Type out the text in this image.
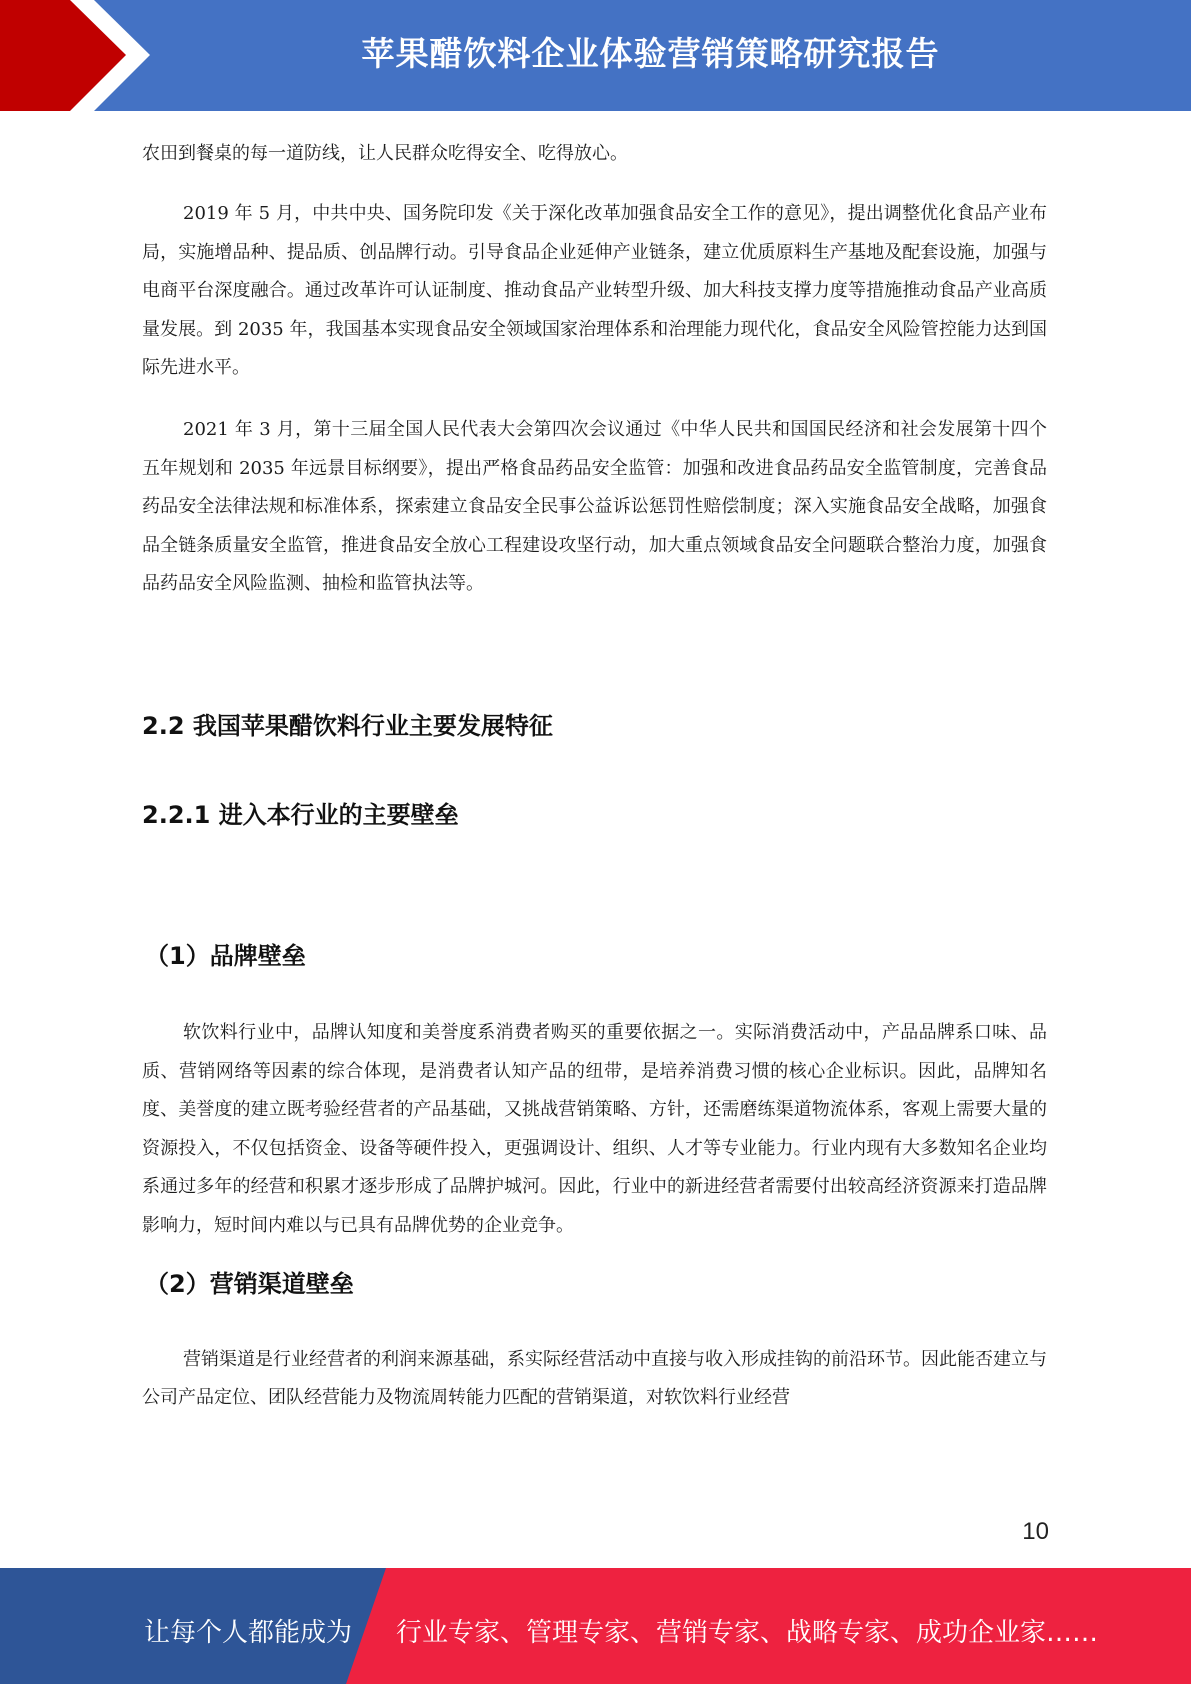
苹果醋饮料企业体验营销策略研究报告

农田到餐桌的每一道防线，让人民群众吃得安全、吃得放心。

2019 年 5 月，中共中央、国务院印发《关于深化改革加强食品安全工作的意见》，提出调整优化食品产业布局，实施增品种、提品质、创品牌行动。引导食品企业延伸产业链条，建立优质原料生产基地及配套设施，加强与电商平台深度融合。通过改革许可认证制度、推动食品产业转型升级、加大科技支撑力度等措施推动食品产业高质量发展。到 2035 年，我国基本实现食品安全领域国家治理体系和治理能力现代化，食品安全风险管控能力达到国际先进水平。

2021 年 3 月，第十三届全国人民代表大会第四次会议通过《中华人民共和国国民经济和社会发展第十四个五年规划和 2035 年远景目标纲要》，提出严格食品药品安全监管：加强和改进食品药品安全监管制度，完善食品药品安全法律法规和标准体系，探索建立食品安全民事公益诉讼惩罚性赔偿制度；深入实施食品安全战略，加强食品全链条质量安全监管，推进食品安全放心工程建设攻坚行动，加大重点领域食品安全问题联合整治力度，加强食品药品安全风险监测、抽检和监管执法等。

2.2 我国苹果醋饮料行业主要发展特征
2.2.1 进入本行业的主要壁垒
（1）品牌壁垒

软饮料行业中，品牌认知度和美誉度系消费者购买的重要依据之一。实际消费活动中，产品品牌系口味、品质、营销网络等因素的综合体现，是消费者认知产品的纽带，是培养消费习惯的核心企业标识。因此，品牌知名度、美誉度的建立既考验经营者的产品基础，又挑战营销策略、方针，还需磨练渠道物流体系，客观上需要大量的资源投入，不仅包括资金、设备等硬件投入，更强调设计、组织、人才等专业能力。行业内现有大多数知名企业均系通过多年的经营和积累才逐步形成了品牌护城河。因此，行业中的新进经营者需要付出较高经济资源来打造品牌影响力，短时间内难以与已具有品牌优势的企业竞争。

（2）营销渠道壁垒

营销渠道是行业经营者的利润来源基础，系实际经营活动中直接与收入形成挂钩的前沿环节。因此能否建立与公司产品定位、团队经营能力及物流周转能力匹配的营销渠道，对软饮料行业经营

10
让每个人都能成为 行业专家、管理专家、营销专家、战略专家、成功企业家……
